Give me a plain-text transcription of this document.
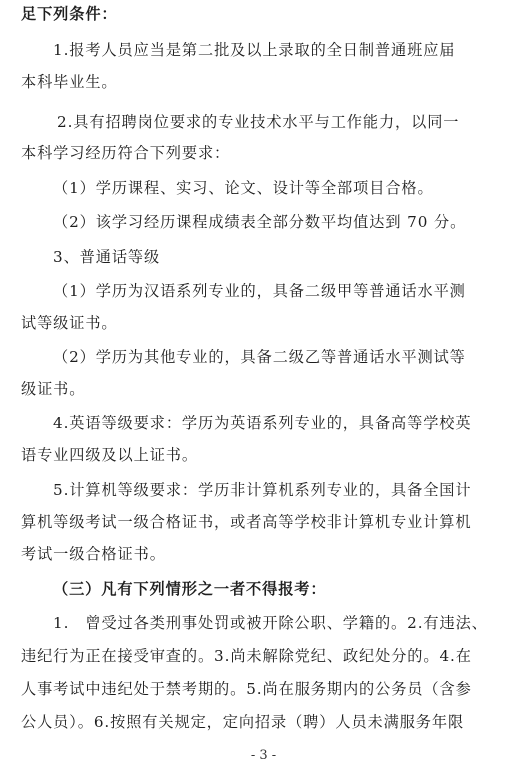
足下列条件：
1.报考人员应当是第二批及以上录取的全日制普通班应届
本科毕业生。
2.具有招聘岗位要求的专业技术水平与工作能力，以同一
本科学习经历符合下列要求：
（1）学历课程、实习、论文、设计等全部项目合格。
（2）该学习经历课程成绩表全部分数平均值达到 70 分。
3、普通话等级
（1）学历为汉语系列专业的，具备二级甲等普通话水平测
试等级证书。
（2）学历为其他专业的，具备二级乙等普通话水平测试等
级证书。
4.英语等级要求：学历为英语系列专业的，具备高等学校英
语专业四级及以上证书。
5.计算机等级要求：学历非计算机系列专业的，具备全国计
算机等级考试一级合格证书，或者高等学校非计算机专业计算机
考试一级合格证书。
（三）凡有下列情形之一者不得报考：
1.　曾受过各类刑事处罚或被开除公职、学籍的。2.有违法、
违纪行为正在接受审查的。3.尚未解除党纪、政纪处分的。4.在
人事考试中违纪处于禁考期的。5.尚在服务期内的公务员（含参
公人员）。6.按照有关规定，定向招录（聘）人员未满服务年限
- 3 -
